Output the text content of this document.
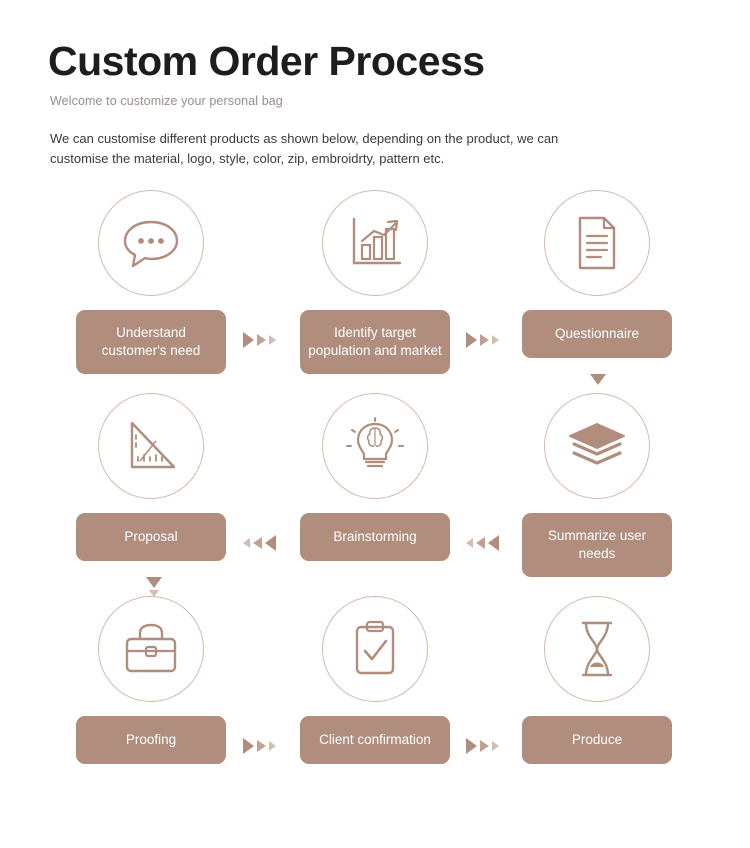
Custom Order Process
Welcome to customize your personal bag
We can customise different products as shown below, depending on the product, we can customise the material, logo, style, color, zip, embroidrty, pattern etc.
Understand customer's need
Identify target population and market
Questionnaire
Proposal	Brainstorming	Summarize user needs
Proofing	Client confirmation	Produce
